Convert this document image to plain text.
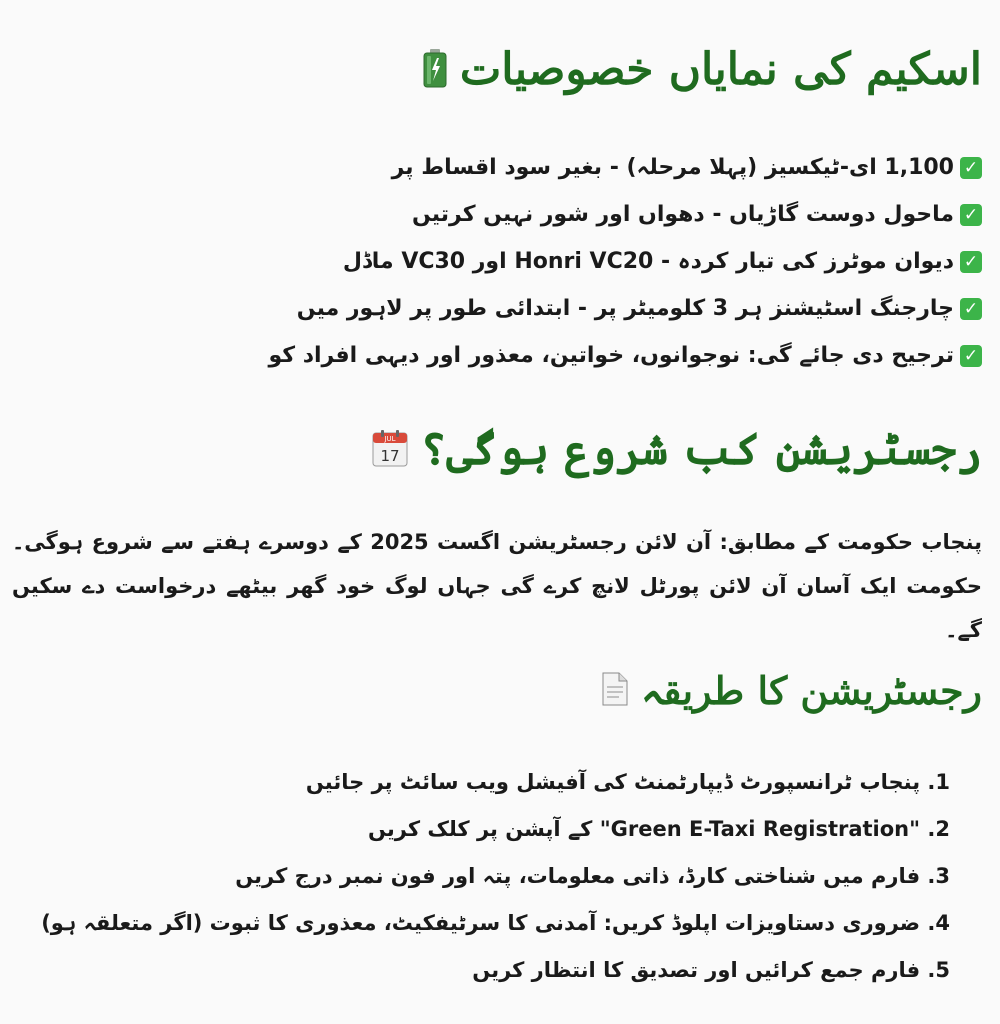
اسکیم کی نمایاں خصوصیات
✓
1,100 ای-ٹیکسیز (پہلا مرحلہ) - بغیر سود اقساط پر
✓
ماحول دوست گاڑیاں - دھواں اور شور نہیں کرتیں
✓
دیوان موٹرز کی تیار کردہ - Honri VC20 اور VC30 ماڈل
✓
چارجنگ اسٹیشنز ہر 3 کلومیٹر پر - ابتدائی طور پر لاہور میں
✓
ترجیح دی جائے گی: نوجوانوں، خواتین، معذور اور دیہی افراد کو
JUL
17 رجسٹریشن کب شروع ہوگی؟

پنجاب حکومت کے مطابق: آن لائن رجسٹریشن اگست 2025 کے دوسرے ہفتے سے شروع ہوگی۔ حکومت ایک آسان آن لائن پورٹل لانچ کرے گی جہاں لوگ خود گھر بیٹھے درخواست دے سکیں گے۔

رجسٹریشن کا طریقہ
1. پنجاب ٹرانسپورٹ ڈیپارٹمنٹ کی آفیشل ویب سائٹ پر جائیں
2. "Green E-Taxi Registration" کے آپشن پر کلک کریں
3. فارم میں شناختی کارڈ، ذاتی معلومات، پتہ اور فون نمبر درج کریں
4. ضروری دستاویزات اپلوڈ کریں: آمدنی کا سرٹیفکیٹ، معذوری کا ثبوت (اگر متعلقہ ہو)
5. فارم جمع کرائیں اور تصدیق کا انتظار کریں
